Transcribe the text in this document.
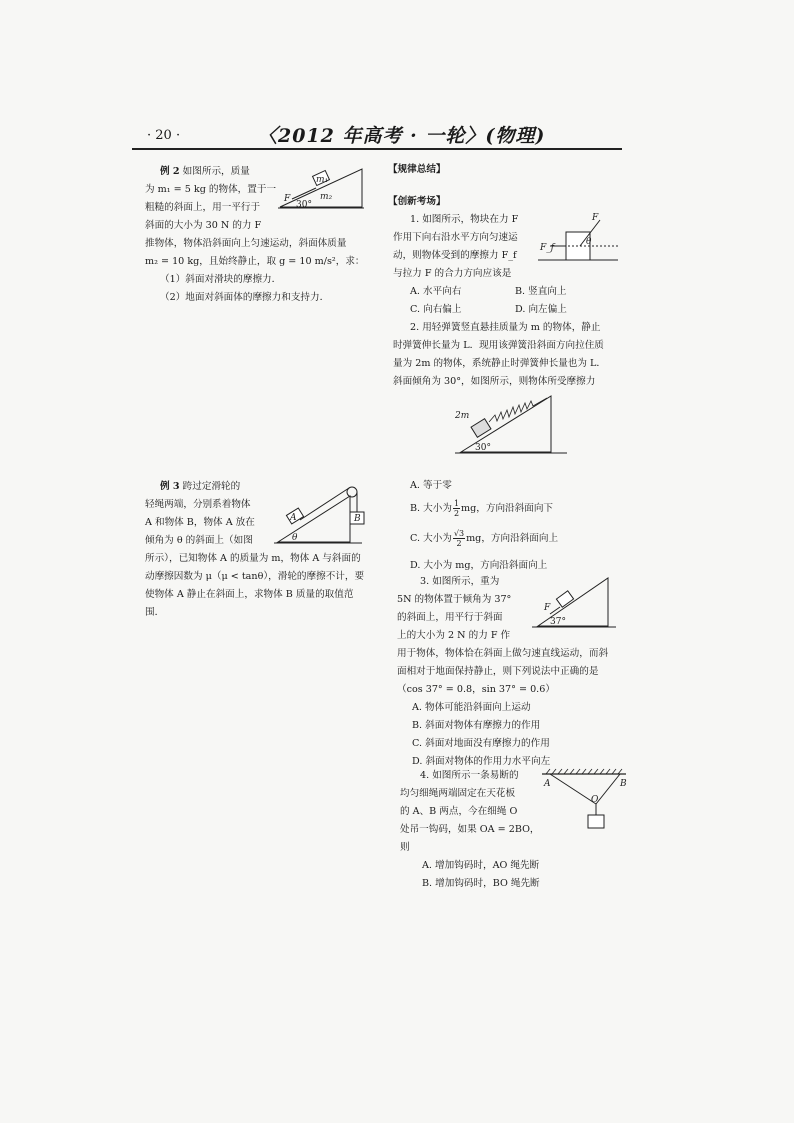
· 20 ·	〈2012 年高考 · 一轮〉(物理)
例 2 如图所示，质量
为 m₁ = 5 kg 的物体，置于一
粗糙的斜面上，用一平行于
斜面的大小为 30 N 的力 F
推物体，物体沿斜面向上匀速运动，斜面体质量
m₂ = 10 kg，且始终静止，取 g = 10 m/s²，求：
（1）斜面对滑块的摩擦力．
（2）地面对斜面体的摩擦力和支持力．
m₁
m₂
F
30°
例 3 跨过定滑轮的
轻绳两端，分别系着物体
A 和物体 B，物体 A 放在
倾角为 θ 的斜面上（如图
所示），已知物体 A 的质量为 m，物体 A 与斜面的
动摩擦因数为 μ（μ < tanθ），滑轮的摩擦不计，要
使物体 A 静止在斜面上，求物体 B 质量的取值范
围．
A	B
θ
【规律总结】
【创新考场】
1. 如图所示，物块在力 F
作用下向右沿水平方向匀速运
动，则物体受到的摩擦力 F_f
与拉力 F 的合力方向应该是
A. 水平向右	B. 竖直向上
C. 向右偏上	D. 向左偏上
F
F_f
θ
2. 用轻弹簧竖直悬挂质量为 m 的物体，静止
时弹簧伸长量为 L．现用该弹簧沿斜面方向拉住质
量为 2m 的物体，系统静止时弹簧伸长量也为 L．
斜面倾角为 30°，如图所示，则物体所受摩擦力
A. 等于零
B. 大小为 $\frac{1}{2}$ mg，方向沿斜面向下
C. 大小为 $\frac{√3}{2}$ mg，方向沿斜面向上
D. 大小为 mg，方向沿斜面向上
2m
30°
3. 如图所示，重为
5N 的物体置于倾角为 37°
的斜面上，用平行于斜面
上的大小为 2 N 的力 F 作
用于物体，物体恰在斜面上做匀速直线运动，而斜
面相对于地面保持静止，则下列说法中正确的是
（cos 37° = 0.8，sin 37° = 0.6）
A. 物体可能沿斜面向上运动
B. 斜面对物体有摩擦力的作用
C. 斜面对地面没有摩擦力的作用
D. 斜面对物体的作用力水平向左
F
37°
4. 如图所示一条易断的
均匀细绳两端固定在天花板
的 A、B 两点，今在细绳 O
处吊一钩码，如果 OA = 2BO，
则
A. 增加钩码时，AO 绳先断
B. 增加钩码时，BO 绳先断
A	B
O
